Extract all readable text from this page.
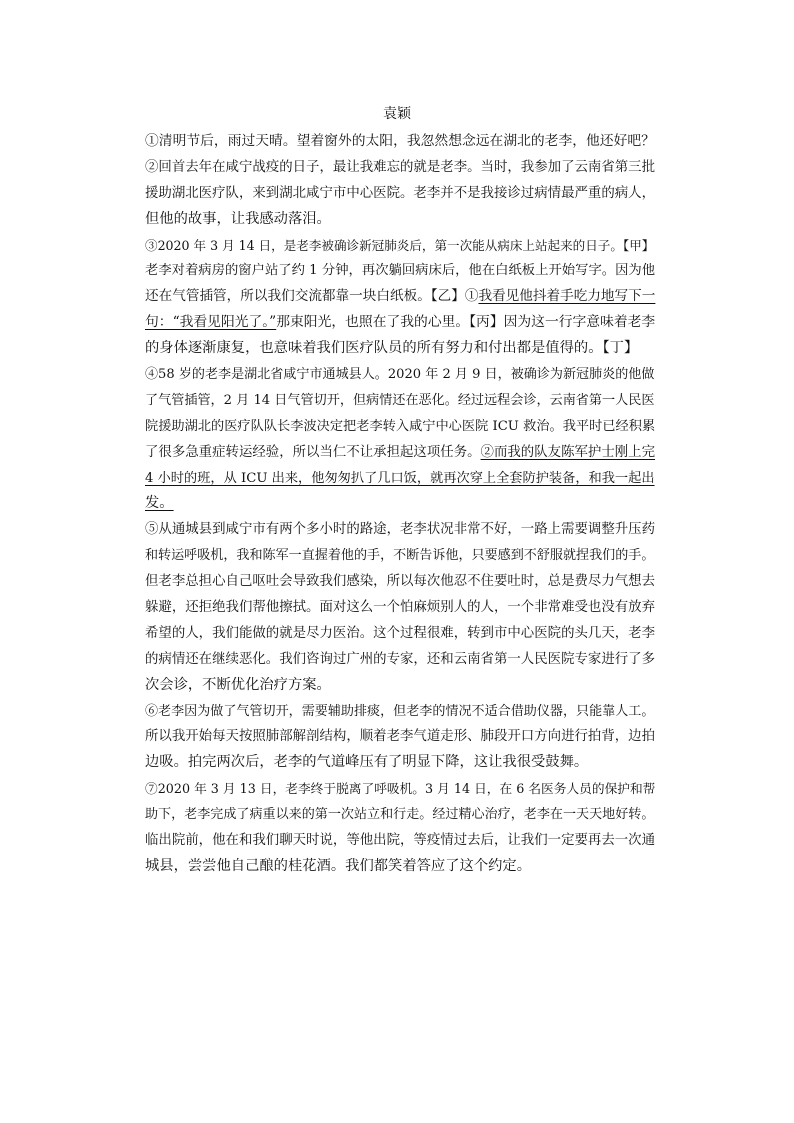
袁颖
①清明节后，雨过天晴。望着窗外的太阳，我忽然想念远在湖北的老李，他还好吧？
②回首去年在咸宁战疫的日子，最让我难忘的就是老李。当时，我参加了云南省第三批
援助湖北医疗队，来到湖北咸宁市中心医院。老李并不是我接诊过病情最严重的病人，
但他的故事，让我感动落泪。
③2020 年 3 月 14 日，是老李被确诊新冠肺炎后，第一次能从病床上站起来的日子。【甲】
老李对着病房的窗户站了约 1 分钟，再次躺回病床后，他在白纸板上开始写字。因为他
还在气管插管，所以我们交流都靠一块白纸板。【乙】①我看见他抖着手吃力地写下一
句：“我看见阳光了。”那束阳光，也照在了我的心里。【丙】因为这一行字意味着老李
的身体逐渐康复，也意味着我们医疗队员的所有努力和付出都是值得的。【丁】
④58 岁的老李是湖北省咸宁市通城县人。2020 年 2 月 9 日，被确诊为新冠肺炎的他做
了气管插管，2 月 14 日气管切开，但病情还在恶化。经过远程会诊，云南省第一人民医
院援助湖北的医疗队队长李波决定把老李转入咸宁中心医院 ICU 救治。我平时已经积累
了很多急重症转运经验，所以当仁不让承担起这项任务。②而我的队友陈军护士刚上完
4 小时的班，从 ICU 出来，他匆匆扒了几口饭，就再次穿上全套防护装备，和我一起出
发。
⑤从通城县到咸宁市有两个多小时的路途，老李状况非常不好，一路上需要调整升压药
和转运呼吸机，我和陈军一直握着他的手，不断告诉他，只要感到不舒服就捏我们的手。
但老李总担心自己呕吐会导致我们感染，所以每次他忍不住要吐时，总是费尽力气想去
躲避，还拒绝我们帮他擦拭。面对这么一个怕麻烦别人的人，一个非常难受也没有放弃
希望的人，我们能做的就是尽力医治。这个过程很难，转到市中心医院的头几天，老李
的病情还在继续恶化。我们咨询过广州的专家，还和云南省第一人民医院专家进行了多
次会诊，不断优化治疗方案。
⑥老李因为做了气管切开，需要辅助排痰，但老李的情况不适合借助仪器，只能靠人工。
所以我开始每天按照肺部解剖结构，顺着老李气道走形、肺段开口方向进行拍背，边拍
边吸。拍完两次后，老李的气道峰压有了明显下降，这让我很受鼓舞。
⑦2020 年 3 月 13 日，老李终于脱离了呼吸机。3 月 14 日，在 6 名医务人员的保护和帮
助下，老李完成了病重以来的第一次站立和行走。经过精心治疗，老李在一天天地好转。
临出院前，他在和我们聊天时说，等他出院，等疫情过去后，让我们一定要再去一次通
城县，尝尝他自己酿的桂花酒。我们都笑着答应了这个约定。
